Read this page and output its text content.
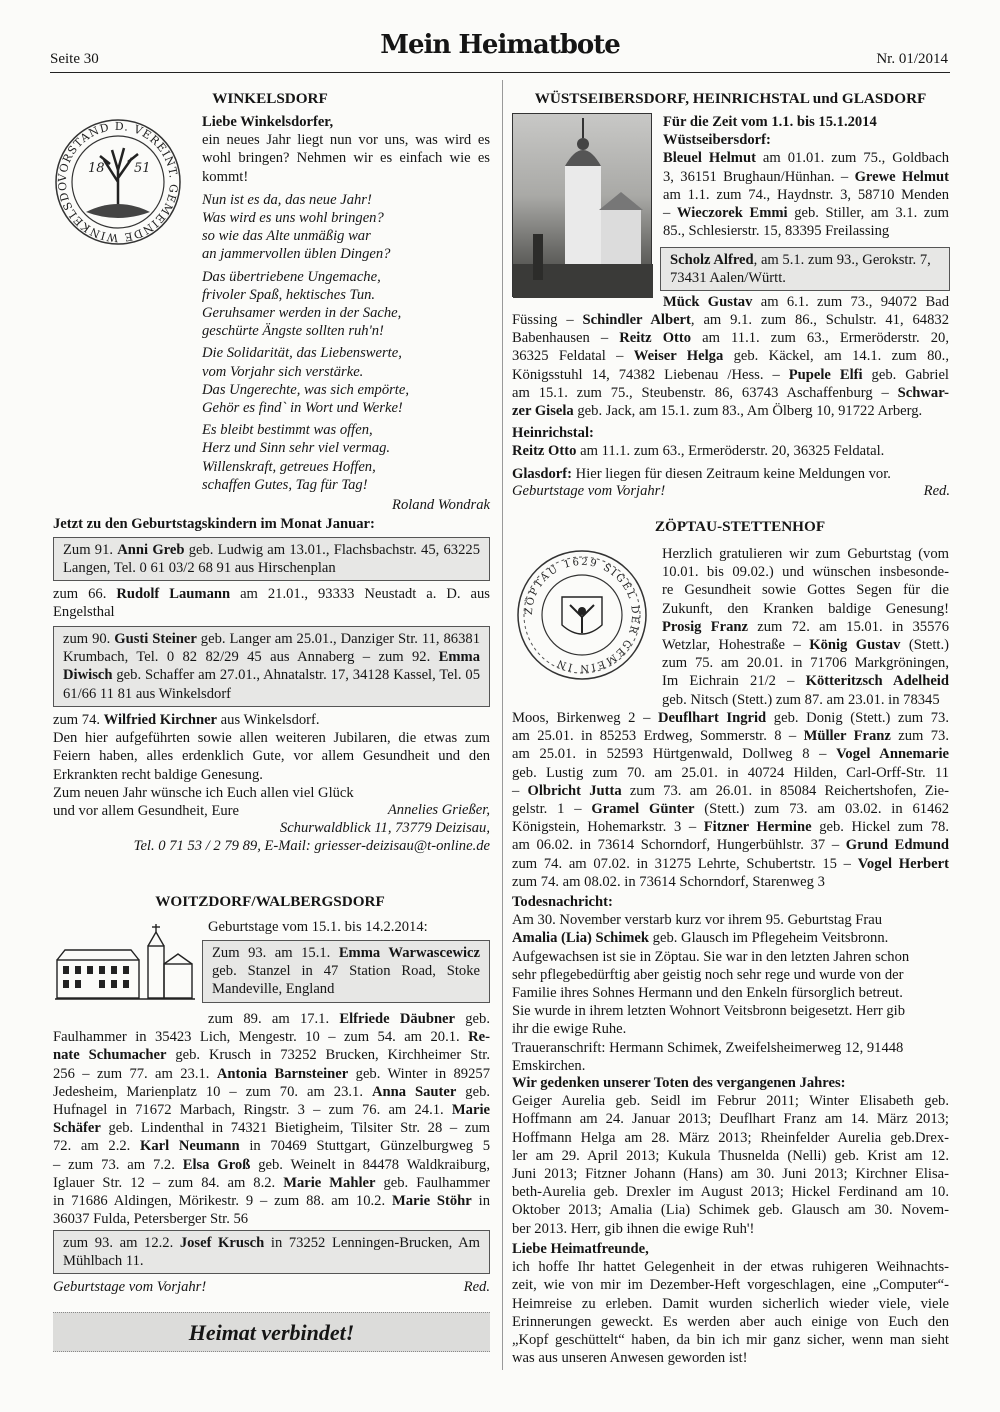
Seite 30	Mein Heimatbote	Nr. 01/2014
WINKELSDORF
VORSTAND D. VEREINT. GEMEINDE WINKELSDO
18 51
Liebe Winkelsdorfer,
ein neues Jahr liegt nun vor uns, was wird es wohl bringen? Nehmen wir es einfach wie es kommt!

Nun ist es da, das neue Jahr!
Was wird es uns wohl bringen?
so wie das Alte unmäßig war
an jammervollen üblen Dingen?

Das übertriebene Ungemache,
frivoler Spaß, hektisches Tun.
Geruhsamer werden in der Sache,
geschürte Ängste sollten ruh'n!

Die Solidarität, das Liebenswerte,
vom Vorjahr sich verstärke.
Das Ungerechte, was sich empörte,
Gehör es find` in Wort und Werke!

Es bleibt bestimmt was offen,
Herz und Sinn sehr viel vermag.
Willenskraft, getreues Hoffen,
schaffen Gutes, Tag für Tag!

Roland Wondrak
Jetzt zu den Geburtstagskindern im Monat Januar:
Zum 91. Anni Greb geb. Ludwig am 13.01., Flachsbachstr. 45, 63225 Langen, Tel. 0 61 03/2 68 91 aus Hirschenplan
zum 66. Rudolf Laumann am 21.01., 93333 Neustadt a. D. aus Engelsthal
zum 90. Gusti Steiner geb. Langer am 25.01., Danziger Str. 11, 86381 Krumbach, Tel. 0 82 82/29 45 aus Annaberg – zum 92. Emma Diwisch geb. Schaffer am 27.01., Ahnatalstr. 17, 34128 Kassel, Tel. 05 61/66 11 81 aus Winkelsdorf
zum 74. Wilfried Kirchner aus Winkelsdorf.
Den hier aufgeführten sowie allen weiteren Jubilaren, die etwas zum Feiern haben, alles erdenklich Gute, vor allem Gesundheit und den Erkrankten recht baldige Genesung.
Zum neuen Jahr wünsche ich Euch allen viel Glück und vor allem Gesundheit, Eure	Annelies Grießer,
Schurwaldblick 11, 73779 Deizisau,
Tel. 0 71 53 / 2 79 89, E-Mail: griesser-deizisau@t-online.de
WOITZDORF/WALBERGSDORF
Geburtstage vom 15.1. bis 14.2.2014:
Zum 93. am 15.1. Emma Warwascewicz geb. Stanzel in 47 Station Road, Stoke Mandeville, England
zum 89. am 17.1. Elfriede Däubner geb.
Faulhammer in 35423 Lich, Mengestr. 10 – zum 54. am 20.1. Re-
nate Schumacher geb. Krusch in 73252 Brucken, Kirchheimer Str.
256 – zum 77. am 23.1. Antonia Barnsteiner geb. Winter in 89257
Jedesheim, Marienplatz 10 – zum 70. am 23.1. Anna Sauter geb.
Hufnagel in 71672 Marbach, Ringstr. 3 – zum 76. am 24.1. Marie
Schäfer geb. Lindenthal in 74321 Bietigheim, Tilsiter Str. 28 – zum
72. am 2.2. Karl Neumann in 70469 Stuttgart, Günzelburgweg 5
– zum 73. am 7.2. Elsa Groß geb. Weinelt in 84478 Waldkraiburg,
Iglauer Str. 12 – zum 84. am 8.2. Marie Mahler geb. Faulhammer
in 71686 Aldingen, Mörikestr. 9 – zum 88. am 10.2. Marie Stöhr in
36037 Fulda, Petersberger Str. 56
zum 93. am 12.2. Josef Krusch in 73252 Lenningen-Brucken, Am Mühlbach 11.
Geburtstage vom Vorjahr!	Red.
Heimat verbindet!
WÜSTSEIBERSDORF, HEINRICHSTAL und GLASDORF
Für die Zeit vom 1.1. bis 15.1.2014
Wüstseibersdorf:
Bleuel Helmut am 01.01. zum 75., Goldbach
3, 36151 Brughaun/Hünhan. – Grewe Helmut
am 1.1. zum 74., Haydnstr. 3, 58710 Menden
– Wieczorek Emmi geb. Stiller, am 3.1. zum
85., Schlesierstr. 15, 83395 Freilassing
Scholz Alfred, am 5.1. zum 93., Gerokstr. 7, 73431 Aalen/Württ.
Mück Gustav am 6.1. zum 73., 94072 Bad
Füssing – Schindler Albert, am 9.1. zum 86., Schulstr. 41, 64832
Babenhausen – Reitz Otto am 11.1. zum 63., Ermeröderstr. 20,
36325 Feldatal – Weiser Helga geb. Käckel, am 14.1. zum 80.,
Königsstuhl 14, 74382 Liebenau /Hess. – Pupele Elfi geb. Gabriel
am 15.1. zum 75., Steubenstr. 86, 63743 Aschaffenburg – Schwar-
zer Gisela geb. Jack, am 15.1. zum 83., Am Ölberg 10, 91722 Arberg.
Heinrichstal:
Reitz Otto am 11.1. zum 63., Ermeröderstr. 20, 36325 Feldatal.
Glasdorf: Hier liegen für diesen Zeitraum keine Meldungen vor.
Geburtstage vom Vorjahr!	Red.
ZÖPTAU-STETTENHOF
ZÖPTAU 1629 SIGEL DER GEMEIN IN
Herzlich gratulieren wir zum Geburtstag (vom
10.01. bis 09.02.) und wünschen insbesonde-
re Gesundheit sowie Gottes Segen für die
Zukunft, den Kranken baldige Genesung!
Prosig Franz zum 72. am 15.01. in 35576
Wetzlar, Hohestraße – König Gustav (Stett.)
zum 75. am 20.01. in 71706 Markgröningen,
Im Eichrain 21/2 – Kötteritzsch Adelheid
geb. Nitsch (Stett.) zum 87. am 23.01. in 78345
Moos, Birkenweg 2 – Deuflhart Ingrid geb. Donig (Stett.) zum 73.
am 25.01. in 85253 Erdweg, Sommerstr. 8 – Müller Franz zum 73.
am 25.01. in 52593 Hürtgenwald, Dollweg 8 – Vogel Annemarie
geb. Lustig zum 70. am 25.01. in 40724 Hilden, Carl-Orff-Str. 11
– Olbricht Jutta zum 73. am 26.01. in 85084 Reichertshofen, Zie-
gelstr. 1 – Gramel Günter (Stett.) zum 73. am 03.02. in 61462
Königstein, Hohemarkstr. 3 – Fitzner Hermine geb. Hickel zum 78.
am 06.02. in 73614 Schorndorf, Hungerbühlstr. 37 – Grund Edmund
zum 74. am 07.02. in 31275 Lehrte, Schubertstr. 15 – Vogel Herbert
zum 74. am 08.02. in 73614 Schorndorf, Starenweg 3
Todesnachricht:
Am 30. November verstarb kurz vor ihrem 95. Geburtstag Frau
Amalia (Lia) Schimek geb. Glausch im Pflegeheim Veitsbronn.
Aufgewachsen ist sie in Zöptau. Sie war in den letzten Jahren schon
sehr pflegebedürftig aber geistig noch sehr rege und wurde von der
Familie ihres Sohnes Hermann und den Enkeln fürsorglich betreut.
Sie wurde in ihrem letzten Wohnort Veitsbronn beigesetzt. Herr gib
ihr die ewige Ruhe.
Traueranschrift: Hermann Schimek, Zweifelsheimerweg 12, 91448
Emskirchen.
Wir gedenken unserer Toten des vergangenen Jahres:
Geiger Aurelia geb. Seidl im Februr 2011; Winter Elisabeth geb.
Hoffmann am 24. Januar 2013; Deuflhart Franz am 14. März 2013;
Hoffmann Helga am 28. März 2013; Rheinfelder Aurelia geb.Drex-
ler am 29. April 2013; Kukula Thusnelda (Nelli) geb. Krist am 12.
Juni 2013; Fitzner Johann (Hans) am 30. Juni 2013; Kirchner Elisa-
beth-Aurelia geb. Drexler im August 2013; Hickel Ferdinand am 10.
Oktober 2013; Amalia (Lia) Schimek geb. Glausch am 30. Novem-
ber 2013. Herr, gib ihnen die ewige Ruh'!
Liebe Heimatfreunde,
ich hoffe Ihr hattet Gelegenheit in der etwas ruhigeren Weihnachts-
zeit, wie von mir im Dezember-Heft vorgeschlagen, eine „Computer“-
Heimreise zu erleben. Damit wurden sicherlich wieder viele, viele
Erinnerungen geweckt. Es werden aber auch einige von Euch den
„Kopf geschüttelt“ haben, da bin ich mir ganz sicher, wenn man sieht
was aus unseren Anwesen geworden ist!
